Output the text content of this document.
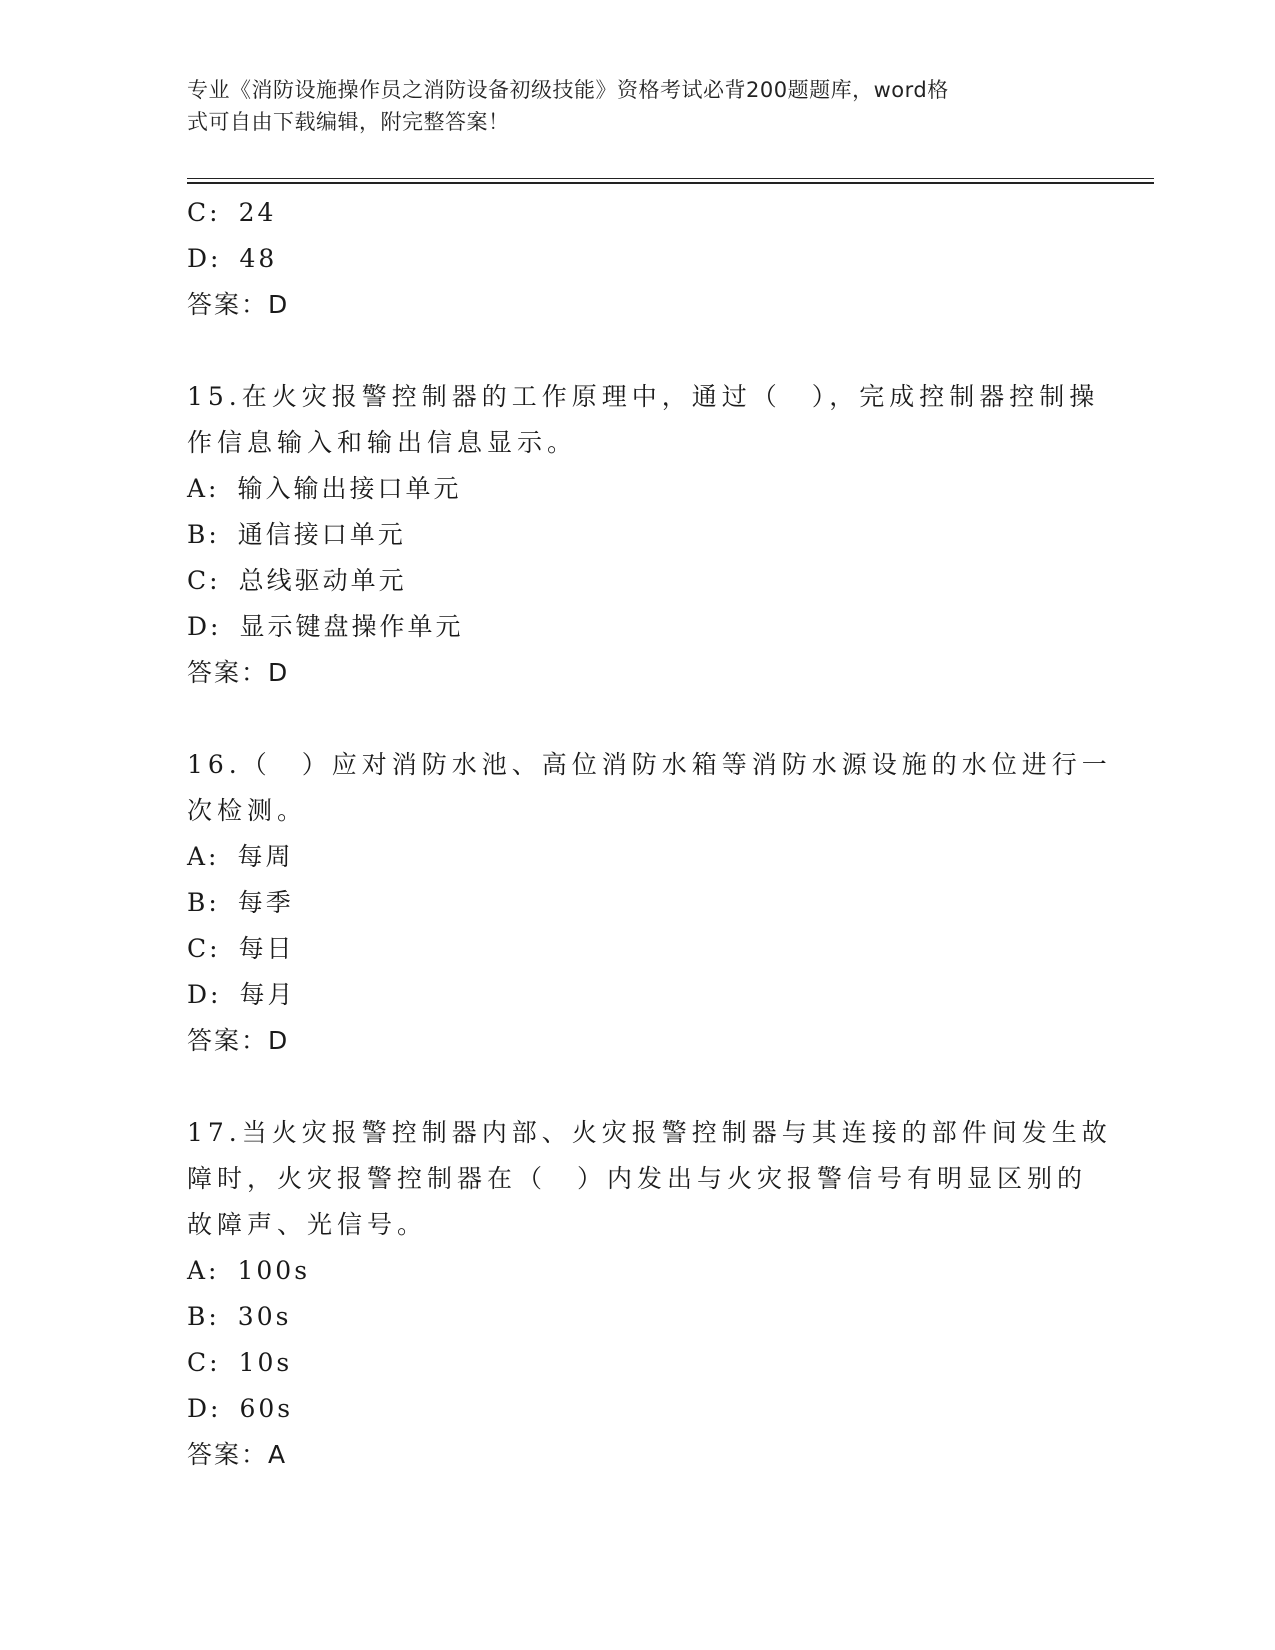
专业《消防设施操作员之消防设备初级技能》资格考试必背200题题库，word格
式可自由下载编辑，附完整答案！
C: 24
D: 48
答案：D
15.在火灾报警控制器的工作原理中，通过（　），完成控制器控制操
作信息输入和输出信息显示。
A: 输入输出接口单元
B: 通信接口单元
C: 总线驱动单元
D: 显示键盘操作单元
答案：D
16.（　）应对消防水池、高位消防水箱等消防水源设施的水位进行一
次检测。
A: 每周
B: 每季
C: 每日
D: 每月
答案：D
17.当火灾报警控制器内部、火灾报警控制器与其连接的部件间发生故
障时，火灾报警控制器在（　）内发出与火灾报警信号有明显区别的
故障声、光信号。
A: 100s
B: 30s
C: 10s
D: 60s
答案：A
